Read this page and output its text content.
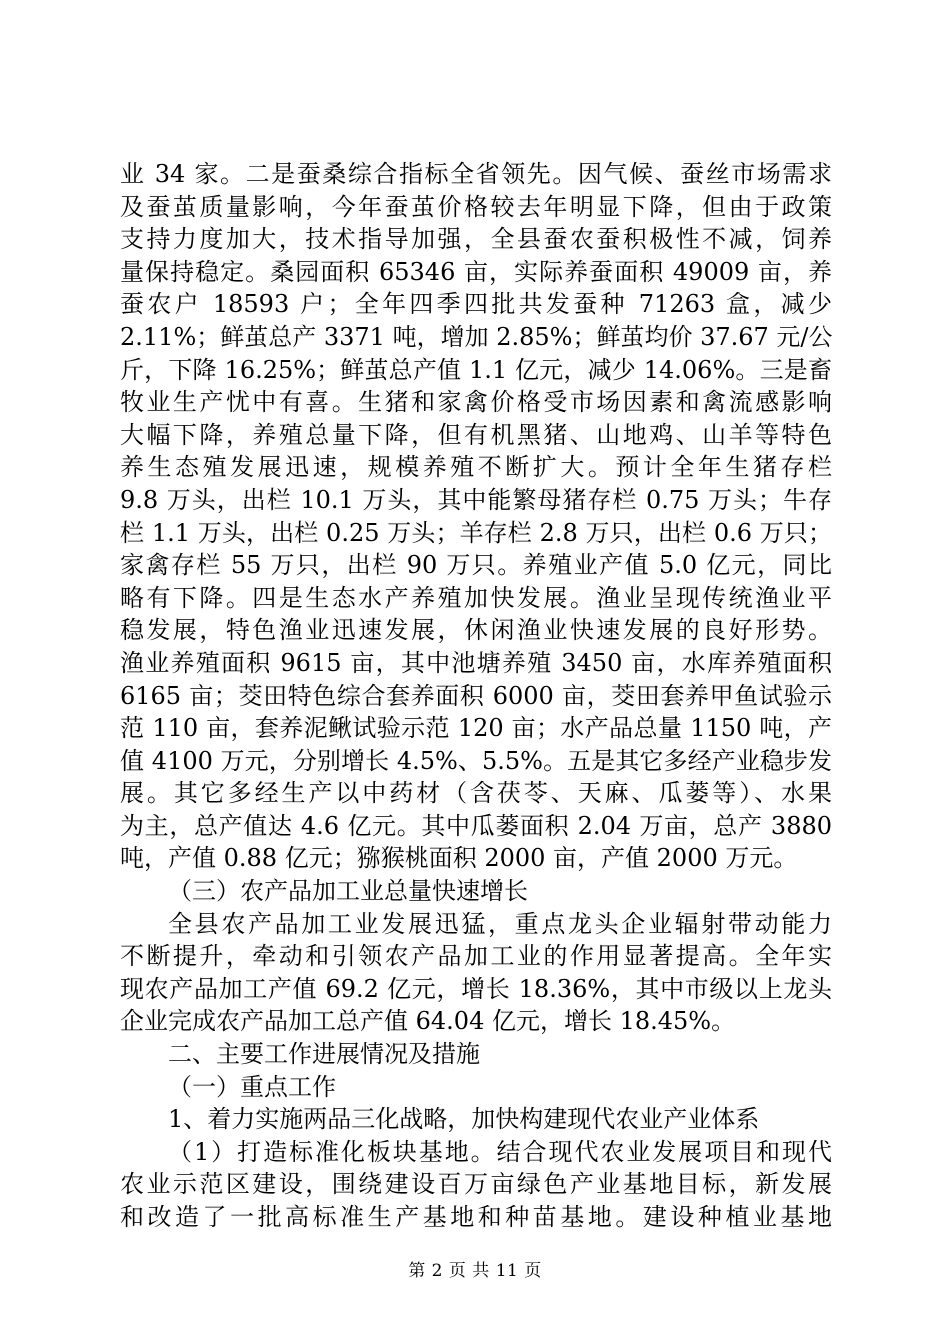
业 34 家。二是蚕桑综合指标全省领先。因气候、蚕丝市场需求
及蚕茧质量影响，今年蚕茧价格较去年明显下降，但由于政策
支持力度加大，技术指导加强，全县蚕农蚕积极性不减，饲养
量保持稳定。桑园面积 65346 亩，实际养蚕面积 49009 亩，养
蚕农户 18593 户；全年四季四批共发蚕种 71263 盒，减少
2.11%；鲜茧总产 3371 吨，增加 2.85%；鲜茧均价 37.67 元/公
斤，下降 16.25%；鲜茧总产值 1.1 亿元，减少 14.06%。三是畜
牧业生产忧中有喜。生猪和家禽价格受市场因素和禽流感影响
大幅下降，养殖总量下降，但有机黑猪、山地鸡、山羊等特色
养生态殖发展迅速，规模养殖不断扩大。预计全年生猪存栏
9.8 万头，出栏 10.1 万头，其中能繁母猪存栏 0.75 万头；牛存
栏 1.1 万头，出栏 0.25 万头；羊存栏 2.8 万只，出栏 0.6 万只；
家禽存栏 55 万只，出栏 90 万只。养殖业产值 5.0 亿元，同比
略有下降。四是生态水产养殖加快发展。渔业呈现传统渔业平
稳发展，特色渔业迅速发展，休闲渔业快速发展的良好形势。
渔业养殖面积 9615 亩，其中池塘养殖 3450 亩，水库养殖面积
6165 亩；茭田特色综合套养面积 6000 亩，茭田套养甲鱼试验示
范 110 亩，套养泥鳅试验示范 120 亩；水产品总量 1150 吨，产
值 4100 万元，分别增长 4.5%、5.5%。五是其它多经产业稳步发
展。其它多经生产以中药材（含茯苓、天麻、瓜蒌等）、水果
为主，总产值达 4.6 亿元。其中瓜蒌面积 2.04 万亩，总产 3880
吨，产值 0.88 亿元；猕猴桃面积 2000 亩，产值 2000 万元。
（三）农产品加工业总量快速增长
全县农产品加工业发展迅猛，重点龙头企业辐射带动能力
不断提升，牵动和引领农产品加工业的作用显著提高。全年实
现农产品加工产值 69.2 亿元，增长 18.36%，其中市级以上龙头
企业完成农产品加工总产值 64.04 亿元，增长 18.45%。
二、主要工作进展情况及措施
（一）重点工作
1、着力实施两品三化战略，加快构建现代农业产业体系
（1）打造标准化板块基地。结合现代农业发展项目和现代
农业示范区建设，围绕建设百万亩绿色产业基地目标，新发展
和改造了一批高标准生产基地和种苗基地。建设种植业基地
第 2 页 共 11 页
